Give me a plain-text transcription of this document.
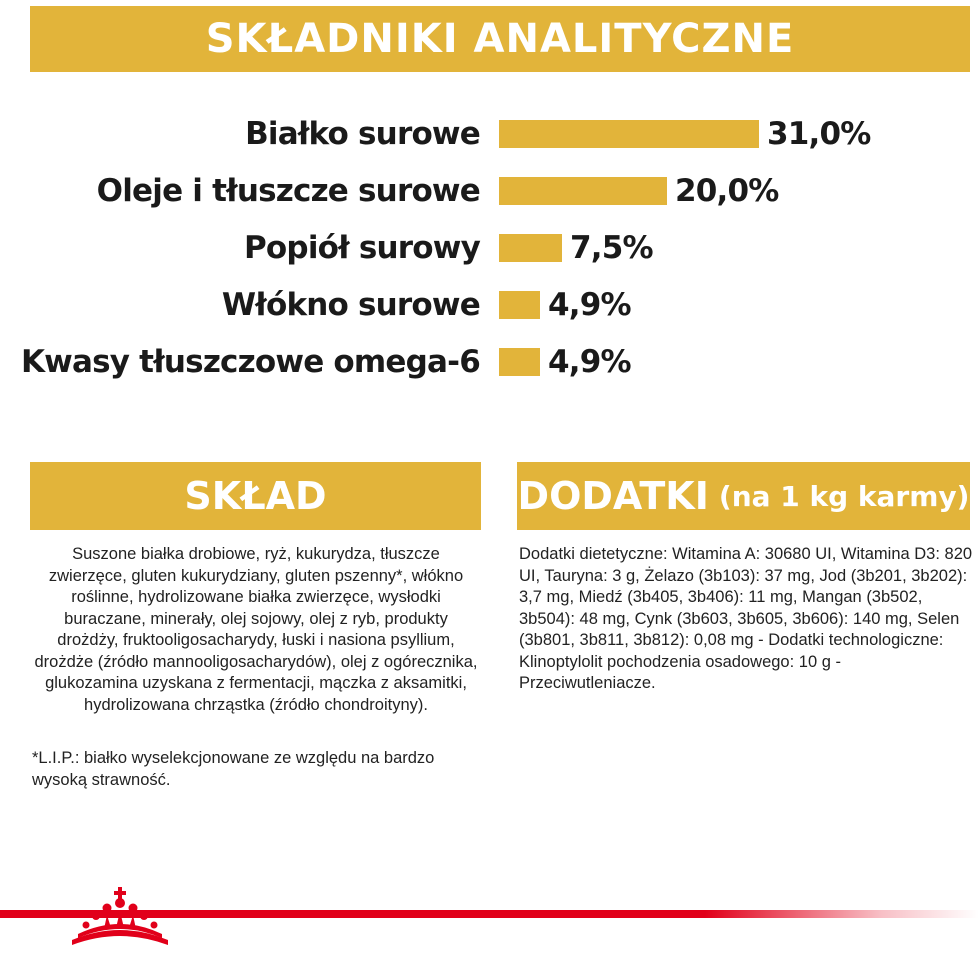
SKŁADNIKI ANALITYCZNE
Białko surowe	31,0%
Oleje i tłuszcze surowe	20,0%
Popiół surowy	7,5%
Włókno surowe 4,9%
Kwasy tłuszczowe omega-6 4,9%
SKŁAD
Suszone białka drobiowe, ryż, kukurydza, tłuszcze zwierzęce, gluten kukurydziany, gluten pszenny*, włókno roślinne, hydrolizowane białka zwierzęce, wysłodki buraczane, minerały, olej sojowy, olej z ryb, produkty drożdży, fruktooligosacharydy, łuski i nasiona psyllium, drożdże (źródło mannooligosacharydów), olej z ogórecznika, glukozamina uzyskana z fermentacji, mączka z aksamitki, hydrolizowana chrząstka (źródło chondroityny).
*L.I.P.: białko wyselekcjonowane ze względu na bardzo wysoką strawność.
DODATKI (na 1 kg karmy)
Dodatki dietetyczne: Witamina A: 30680 UI, Witamina D3: 820 UI, Tauryna: 3 g, Żelazo (3b103): 37 mg, Jod (3b201, 3b202): 3,7 mg, Miedź (3b405, 3b406): 11 mg, Mangan (3b502, 3b504): 48 mg, Cynk (3b603, 3b605, 3b606): 140 mg, Selen (3b801, 3b811, 3b812): 0,08 mg - Dodatki technologiczne: Klinoptylolit pochodzenia osadowego: 10 g - Przeciwutleniacze.
